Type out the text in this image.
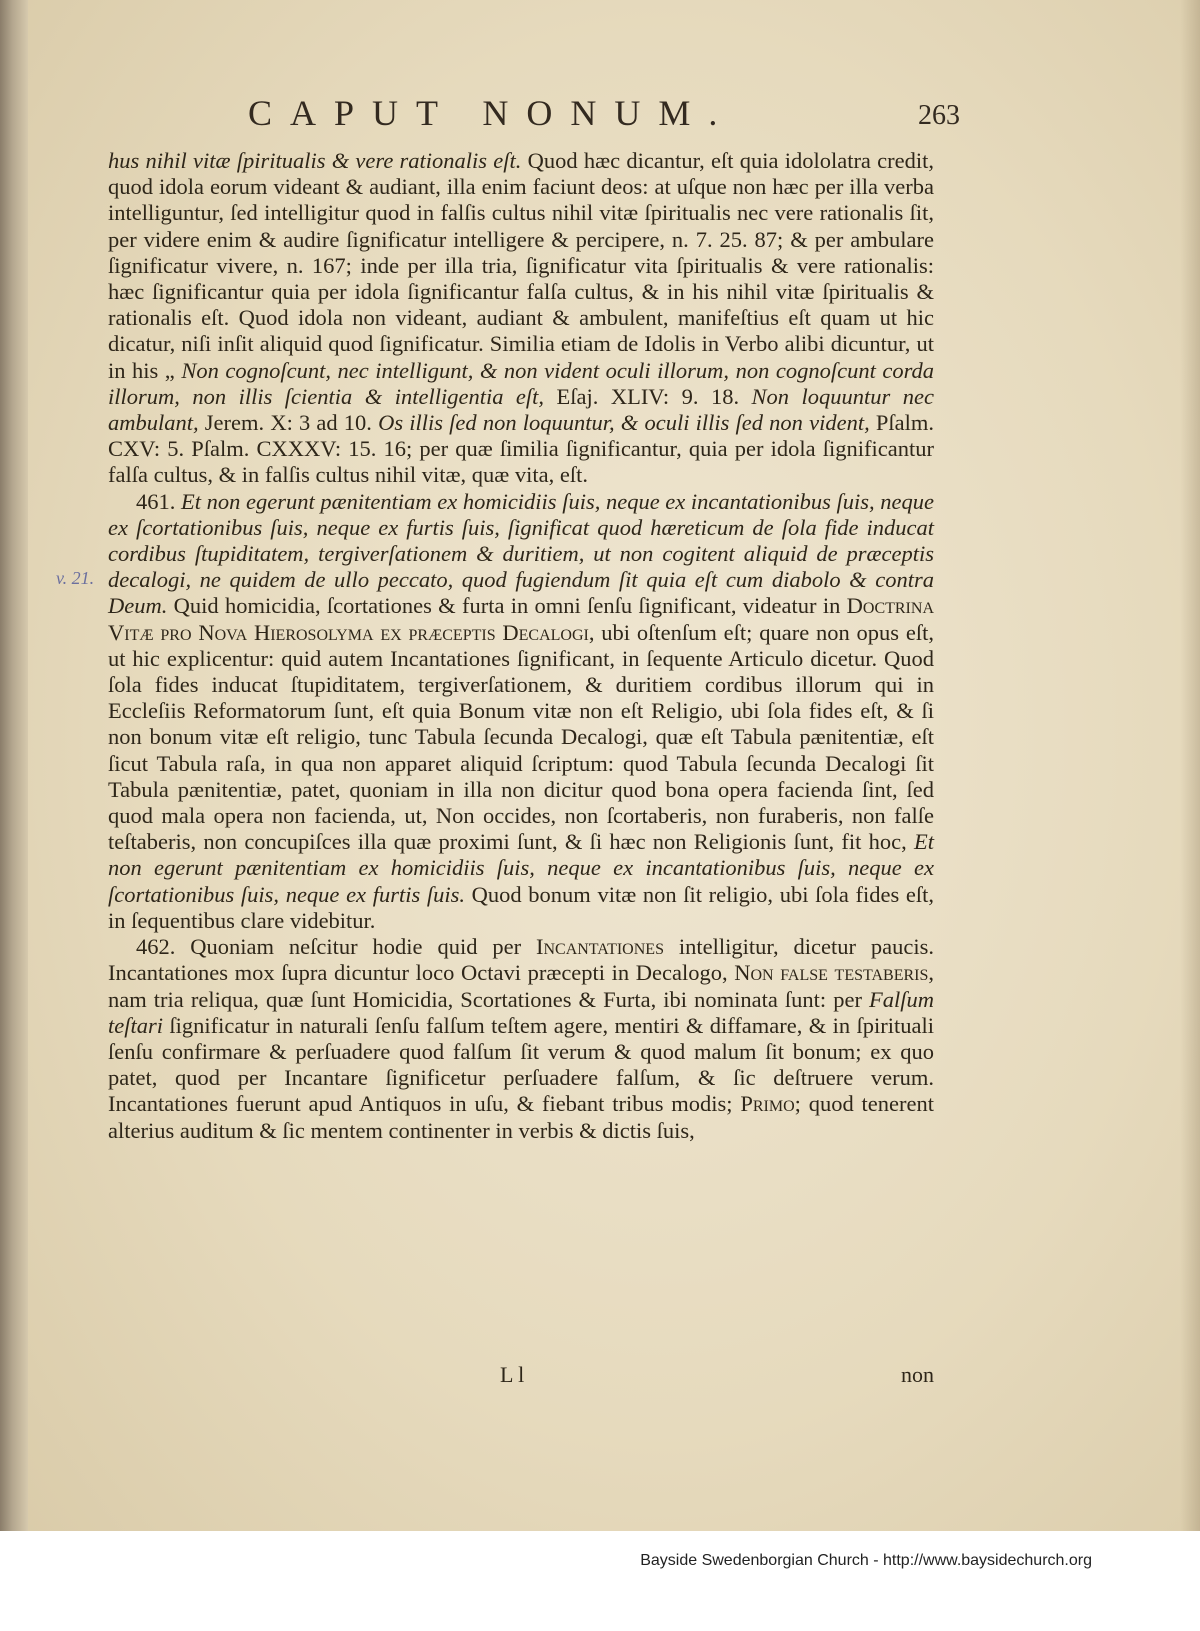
CAPUT NONUM.	263
v. 21.

hus nihil vitæ ſpiritualis & vere rationalis eſt. Quod hæc dicantur, eſt quia idololatra credit, quod idola eorum videant & audiant, illa enim faciunt deos: at uſque non hæc per illa verba intelliguntur, ſed intelligitur quod in falſis cultus nihil vitæ ſpiritualis nec vere rationalis ſit, per videre enim & audire ſignificatur intelligere & percipere, n. 7. 25. 87; & per ambulare ſignificatur vivere, n. 167; inde per illa tria, ſignificatur vita ſpiritualis & vere rationalis: hæc ſignificantur quia per idola ſignificantur falſa cultus, & in his nihil vitæ ſpiritualis & rationalis eſt. Quod idola non videant, audiant & ambulent, manifeſtius eſt quam ut hic dicatur, niſi inſit aliquid quod ſignificatur. Similia etiam de Idolis in Verbo alibi dicuntur, ut in his „ Non cognoſcunt, nec intelligunt, & non vident oculi illorum, non cognoſcunt corda illorum, non illis ſcientia & intelligentia eſt, Eſaj. XLIV: 9. 18. Non loquuntur nec ambulant, Jerem. X: 3 ad 10. Os illis ſed non loquuntur, & oculi illis ſed non vident, Pſalm. CXV: 5. Pſalm. CXXXV: 15. 16; per quæ ſimilia ſignificantur, quia per idola ſignificantur falſa cultus, & in falſis cultus nihil vitæ, quæ vita, eſt.

461. Et non egerunt pænitentiam ex homicidiis ſuis, neque ex incantationibus ſuis, neque ex ſcortationibus ſuis, neque ex furtis ſuis, ſignificat quod hæreticum de ſola fide inducat cordibus ſtupiditatem, tergiverſationem & duritiem, ut non cogitent aliquid de præceptis decalogi, ne quidem de ullo peccato, quod fugiendum ſit quia eſt cum diabolo & contra Deum. Quid homicidia, ſcortationes & furta in omni ſenſu ſignificant, videatur in Doctrina Vitæ pro Nova Hierosolyma ex præceptis Decalogi, ubi oſtenſum eſt; quare non opus eſt, ut hic explicentur: quid autem Incantationes ſignificant, in ſequente Articulo dicetur. Quod ſola fides inducat ſtupiditatem, tergiverſationem, & duritiem cordibus illorum qui in Eccleſiis Reformatorum ſunt, eſt quia Bonum vitæ non eſt Religio, ubi ſola fides eſt, & ſi non bonum vitæ eſt religio, tunc Tabula ſecunda Decalogi, quæ eſt Tabula pænitentiæ, eſt ſicut Tabula raſa, in qua non apparet aliquid ſcriptum: quod Tabula ſecunda Decalogi ſit Tabula pænitentiæ, patet, quoniam in illa non dicitur quod bona opera facienda ſint, ſed quod mala opera non facienda, ut, Non occides, non ſcortaberis, non furaberis, non falſe teſtaberis, non concupiſces illa quæ proximi ſunt, & ſi hæc non Religionis ſunt, fit hoc, Et non egerunt pænitentiam ex homicidiis ſuis, neque ex incantationibus ſuis, neque ex ſcortationibus ſuis, neque ex furtis ſuis. Quod bonum vitæ non ſit religio, ubi ſola fides eſt, in ſequentibus clare videbitur.

462. Quoniam neſcitur hodie quid per Incantationes intelligitur, dicetur paucis. Incantationes mox ſupra dicuntur loco Octavi præcepti in Decalogo, Non falſe teſtaberis, nam tria reliqua, quæ ſunt Homicidia, Scortationes & Furta, ibi nominata ſunt: per Falſum teſtari ſignificatur in naturali ſenſu falſum teſtem agere, mentiri & diffamare, & in ſpirituali ſenſu confirmare & perſuadere quod falſum ſit verum & quod malum ſit bonum; ex quo patet, quod per Incantare ſignificetur perſuadere falſum, & ſic deſtruere verum. Incantationes fuerunt apud Antiquos in uſu, & fiebant tribus modis; Primo; quod tenerent alterius auditum & ſic mentem continenter in verbis & dictis ſuis,

L l	non
Bayside Swedenborgian Church - http://www.baysidechurch.org
